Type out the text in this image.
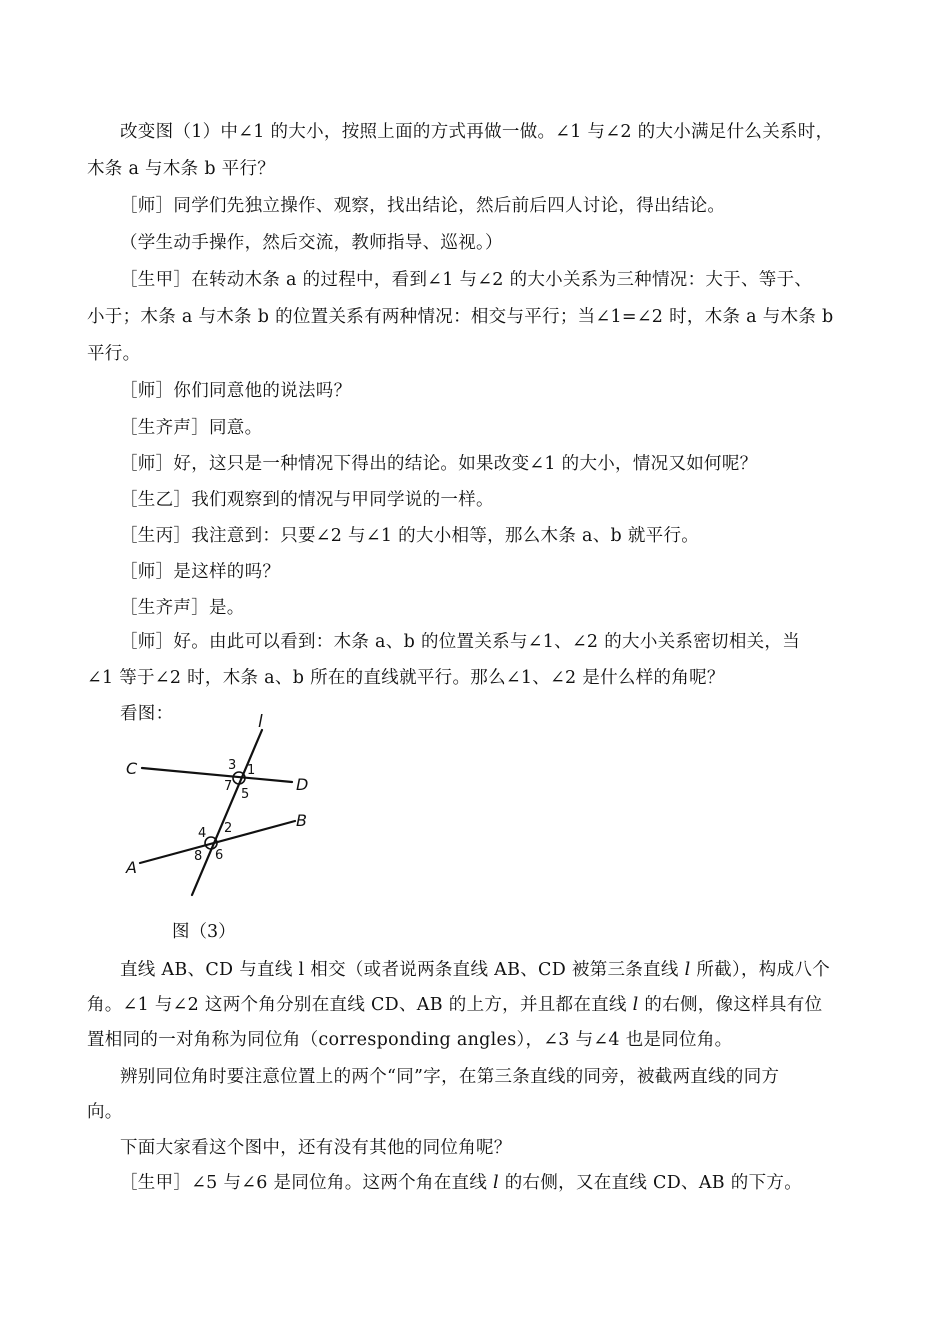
改变图（1）中∠1 的大小，按照上面的方式再做一做。∠1 与∠2 的大小满足什么关系时，
木条 a 与木条 b 平行？
［师］同学们先独立操作、观察，找出结论，然后前后四人讨论，得出结论。
（学生动手操作，然后交流，教师指导、巡视。）
［生甲］在转动木条 a 的过程中，看到∠1 与∠2 的大小关系为三种情况：大于、等于、
小于；木条 a 与木条 b 的位置关系有两种情况：相交与平行；当∠1=∠2 时，木条 a 与木条 b
平行。
［师］你们同意他的说法吗？
［生齐声］同意。
［师］好，这只是一种情况下得出的结论。如果改变∠1 的大小，情况又如何呢？
［生乙］我们观察到的情况与甲同学说的一样。
［生丙］我注意到：只要∠2 与∠1 的大小相等，那么木条 a、b 就平行。
［师］是这样的吗？
［生齐声］是。
［师］好。由此可以看到：木条 a、b 的位置关系与∠1、∠2 的大小关系密切相关，当
∠1 等于∠2 时，木条 a、b 所在的直线就平行。那么∠1、∠2 是什么样的角呢？
看图：	l
C
D
A
B
3 1
7
5
4 2
8 6
图（3）
直线 AB、CD 与直线 l 相交（或者说两条直线 AB、CD 被第三条直线 l 所截），构成八个
角。∠1 与∠2 这两个角分别在直线 CD、AB 的上方，并且都在直线 l 的右侧，像这样具有位
置相同的一对角称为同位角（corresponding angles），∠3 与∠4 也是同位角。
辨别同位角时要注意位置上的两个“同”字，在第三条直线的同旁，被截两直线的同方
向。
下面大家看这个图中，还有没有其他的同位角呢？
［生甲］∠5 与∠6 是同位角。这两个角在直线 l 的右侧，又在直线 CD、AB 的下方。
